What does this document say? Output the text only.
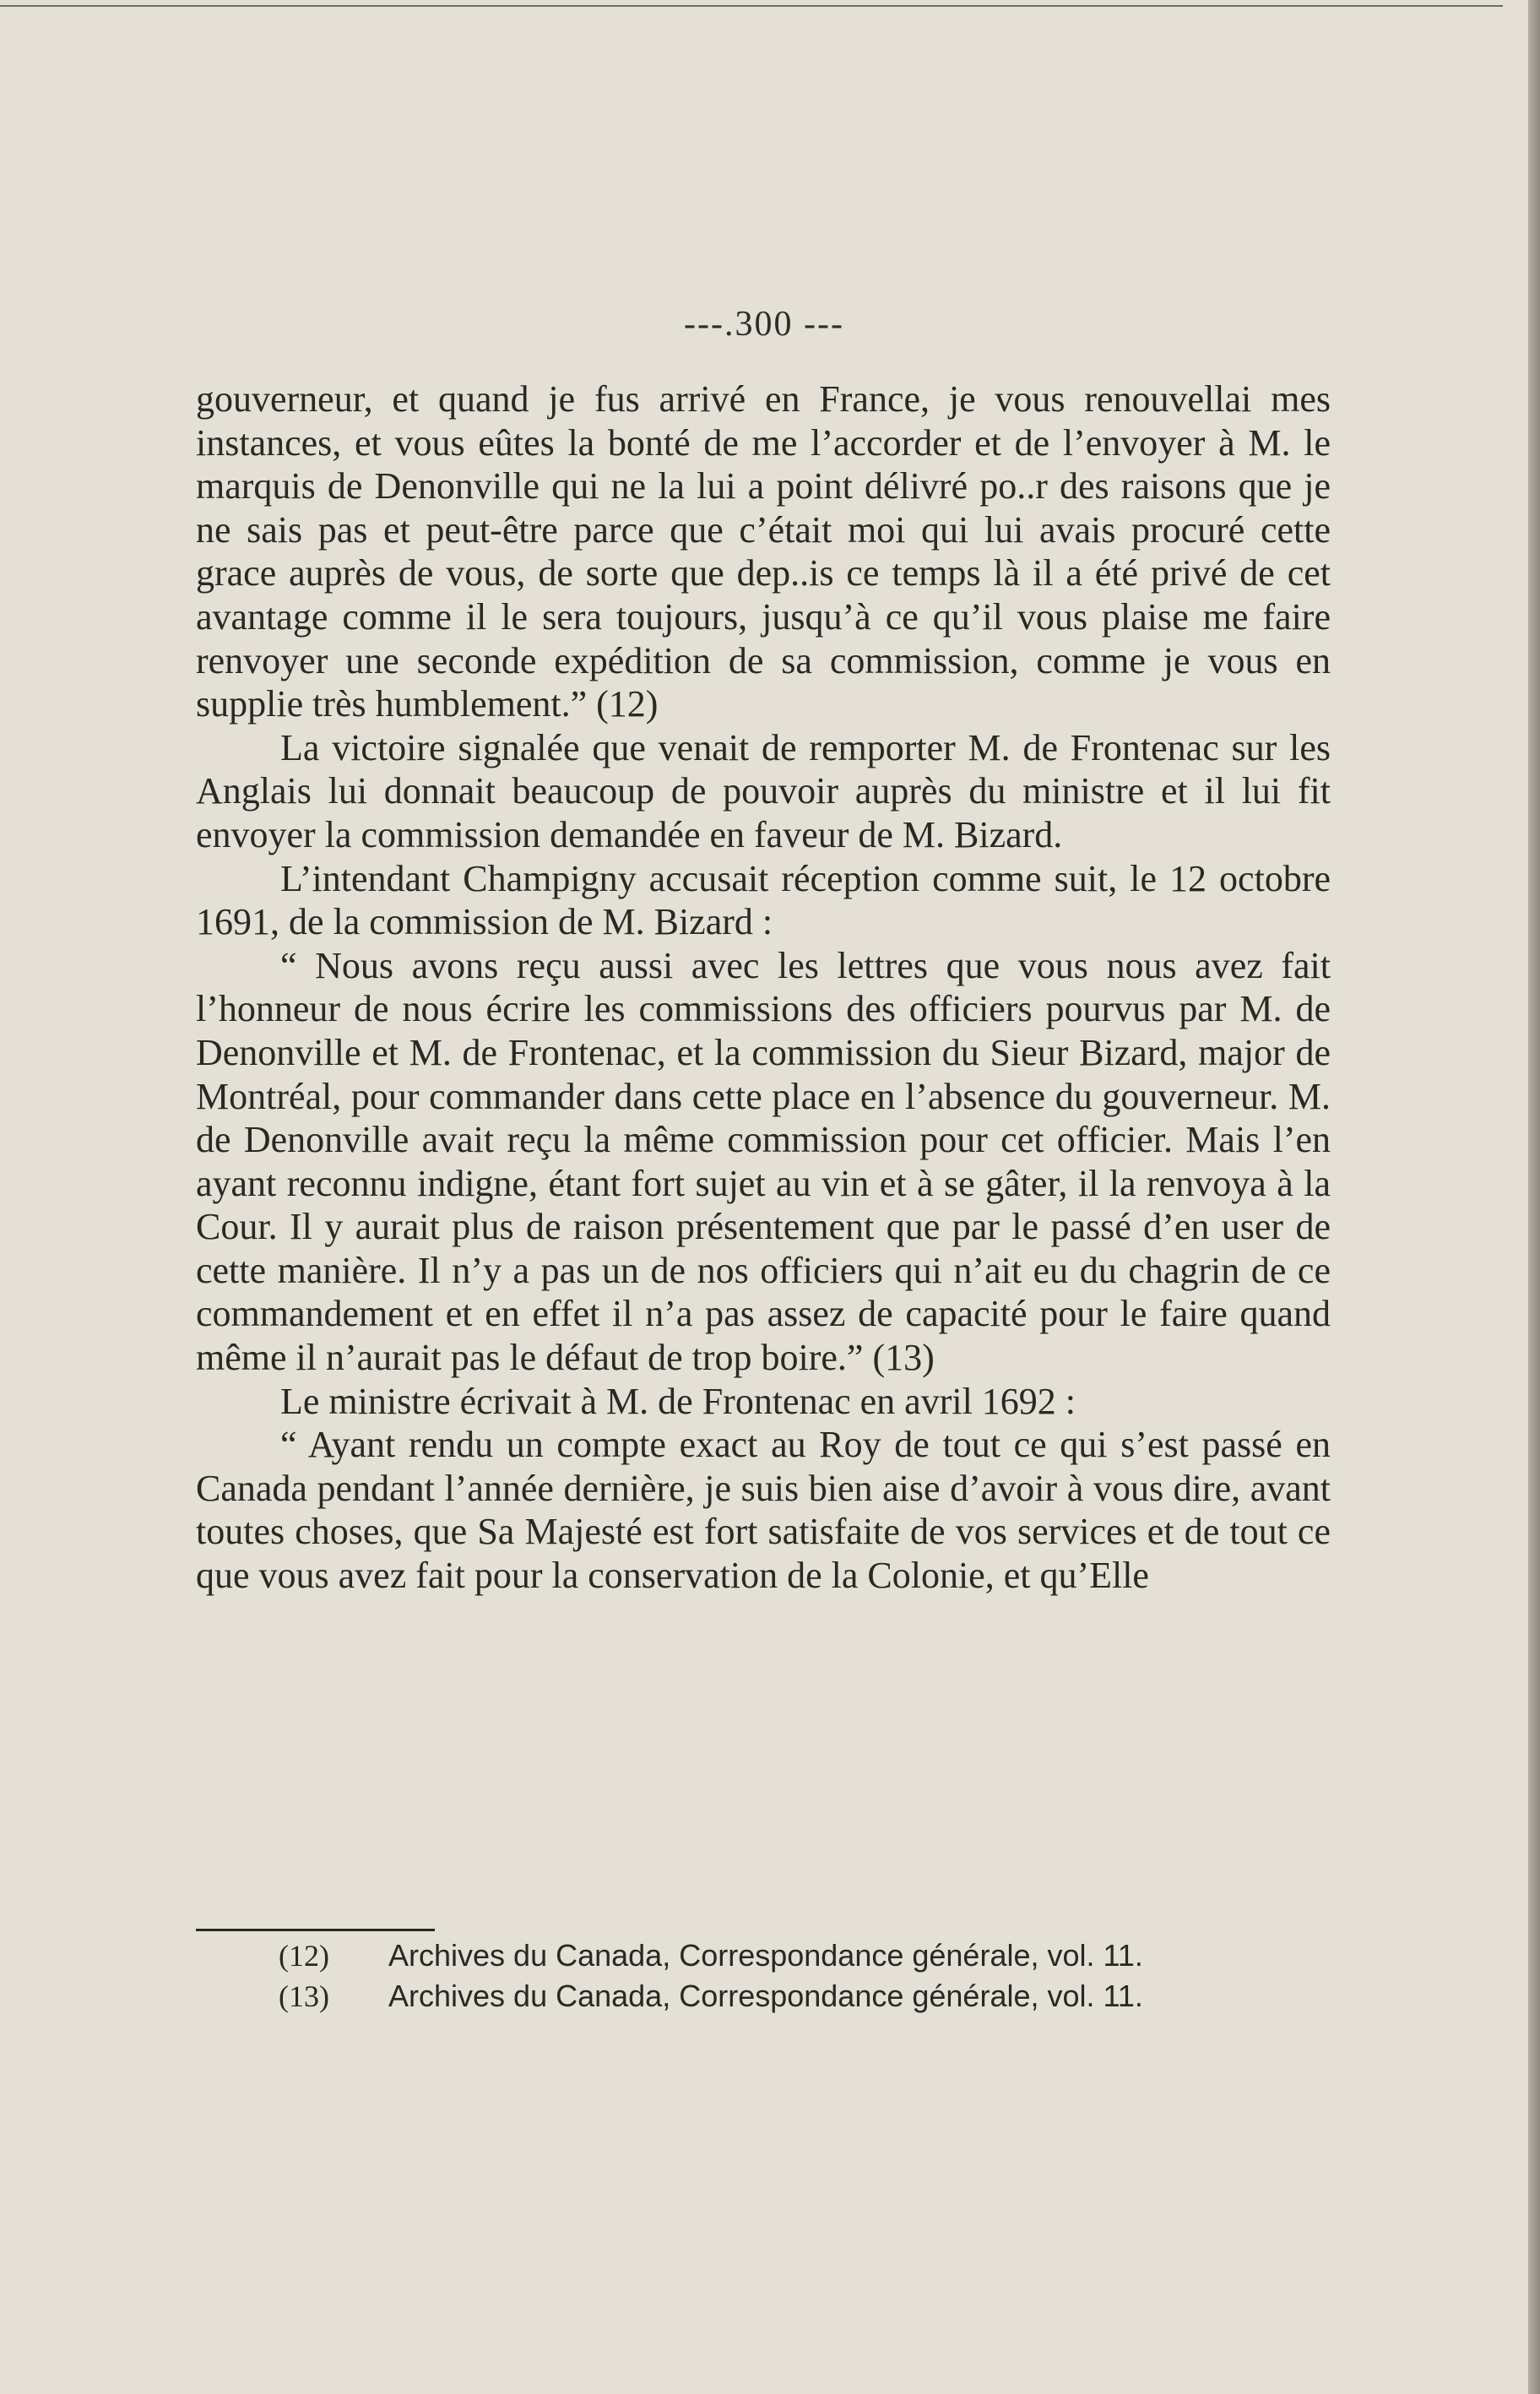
---.300 ---

gouverneur, et quand je fus arrivé en France, je vous renouvellai mes instances, et vous eûtes la bonté de me l’accorder et de l’envoyer à M. le marquis de Denonville qui ne la lui a point délivré po..r des raisons que je ne sais pas et peut-être parce que c’était moi qui lui avais procuré cette grace auprès de vous, de sorte que dep..is ce temps là il a été privé de cet avantage comme il le sera toujours, jusqu’à ce qu’il vous plaise me faire renvoyer une seconde expédition de sa commission, comme je vous en supplie très humblement.” (12)

La victoire signalée que venait de remporter M. de Frontenac sur les Anglais lui donnait beaucoup de pouvoir auprès du ministre et il lui fit envoyer la commission demandée en faveur de M. Bizard.

L’intendant Champigny accusait réception comme suit, le 12 octobre 1691, de la commission de M. Bizard :

“ Nous avons reçu aussi avec les lettres que vous nous avez fait l’honneur de nous écrire les commissions des officiers pourvus par M. de Denonville et M. de Frontenac, et la commission du Sieur Bizard, major de Montréal, pour commander dans cette place en l’absence du gouverneur. M. de Denonville avait reçu la même commission pour cet officier. Mais l’en ayant reconnu indigne, étant fort sujet au vin et à se gâter, il la renvoya à la Cour. Il y aurait plus de raison présentement que par le passé d’en user de cette manière. Il n’y a pas un de nos officiers qui n’ait eu du chagrin de ce commandement et en effet il n’a pas assez de capacité pour le faire quand même il n’aurait pas le défaut de trop boire.” (13)

Le ministre écrivait à M. de Frontenac en avril 1692 :

“ Ayant rendu un compte exact au Roy de tout ce qui s’est passé en Canada pendant l’année dernière, je suis bien aise d’avoir à vous dire, avant toutes choses, que Sa Majesté est fort satisfaite de vos services et de tout ce que vous avez fait pour la conservation de la Colonie, et qu’Elle

(12)	Archives du Canada, Correspondance générale, vol. 11.
(13)	Archives du Canada, Correspondance générale, vol. 11.
